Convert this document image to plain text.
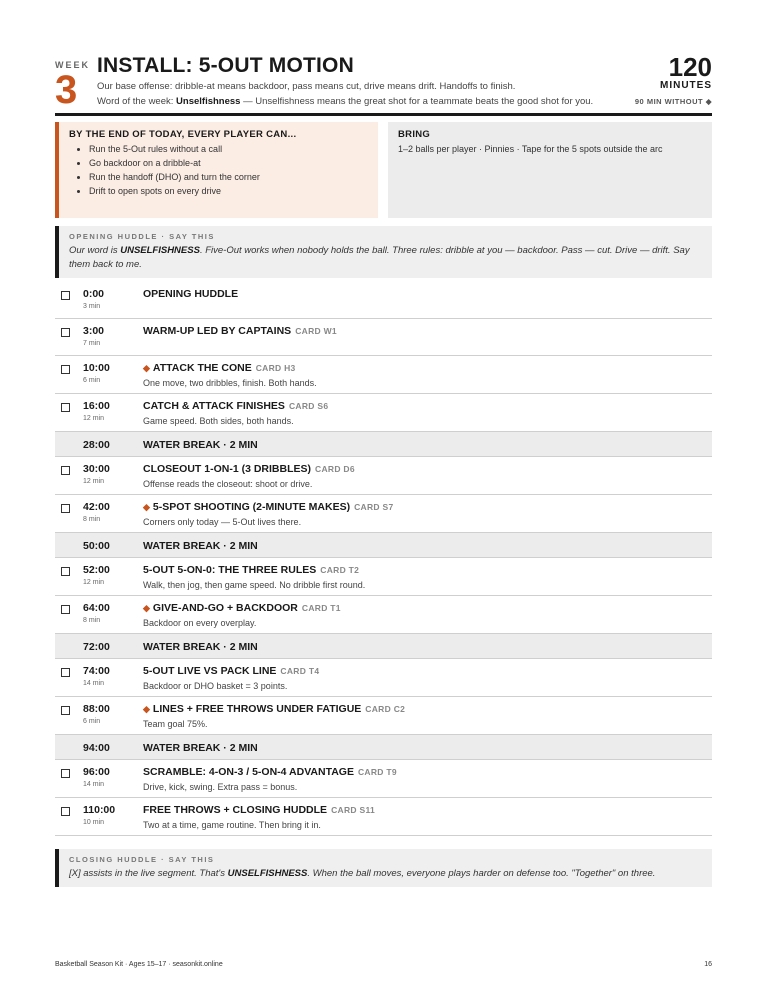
WEEK
3
INSTALL: 5-OUT MOTION
Our base offense: dribble-at means backdoor, pass means cut, drive means drift. Handoffs to finish.
Word of the week: Unselfishness — Unselfishness means the great shot for a teammate beats the good shot for you.
120
MINUTES
90 MIN WITHOUT ◆
BY THE END OF TODAY, EVERY PLAYER CAN...
• Run the 5-Out rules without a call
• Go backdoor on a dribble-at
• Run the handoff (DHO) and turn the corner
• Drift to open spots on every drive
BRING

1–2 balls per player · Pinnies · Tape for the 5 spots outside the arc

OPENING HUDDLE · SAY THIS
Our word is UNSELFISHNESS. Five-Out works when nobody holds the ball. Three rules: dribble at you — backdoor. Pass — cut. Drive — drift. Say them back to me.
0:00
3 min
OPENING HUDDLE
3:00
7 min
WARM-UP LED BY CAPTAINS CARD W1
10:00
6 min
◆ ATTACK THE CONE CARD H3
One move, two dribbles, finish. Both hands.
16:00
12 min
CATCH & ATTACK FINISHES CARD S6
Game speed. Both sides, both hands.
28:00	WATER BREAK · 2 MIN
30:00
12 min
CLOSEOUT 1-ON-1 (3 DRIBBLES) CARD D6
Offense reads the closeout: shoot or drive.
42:00
8 min
◆ 5-SPOT SHOOTING (2-MINUTE MAKES) CARD S7
Corners only today — 5-Out lives there.
50:00	WATER BREAK · 2 MIN
52:00
12 min
5-OUT 5-ON-0: THE THREE RULES CARD T2
Walk, then jog, then game speed. No dribble first round.
64:00
8 min
◆ GIVE-AND-GO + BACKDOOR CARD T1
Backdoor on every overplay.
72:00	WATER BREAK · 2 MIN
74:00
14 min
5-OUT LIVE VS PACK LINE CARD T4
Backdoor or DHO basket = 3 points.
88:00
6 min
◆ LINES + FREE THROWS UNDER FATIGUE CARD C2
Team goal 75%.
94:00	WATER BREAK · 2 MIN
96:00
14 min
SCRAMBLE: 4-ON-3 / 5-ON-4 ADVANTAGE CARD T9
Drive, kick, swing. Extra pass = bonus.
110:00
10 min
FREE THROWS + CLOSING HUDDLE CARD S11
Two at a time, game routine. Then bring it in.
CLOSING HUDDLE · SAY THIS
[X] assists in the live segment. That's UNSELFISHNESS. When the ball moves, everyone plays harder on defense too. "Together" on three.
Basketball Season Kit · Ages 15–17 · seasonkit.online	16
